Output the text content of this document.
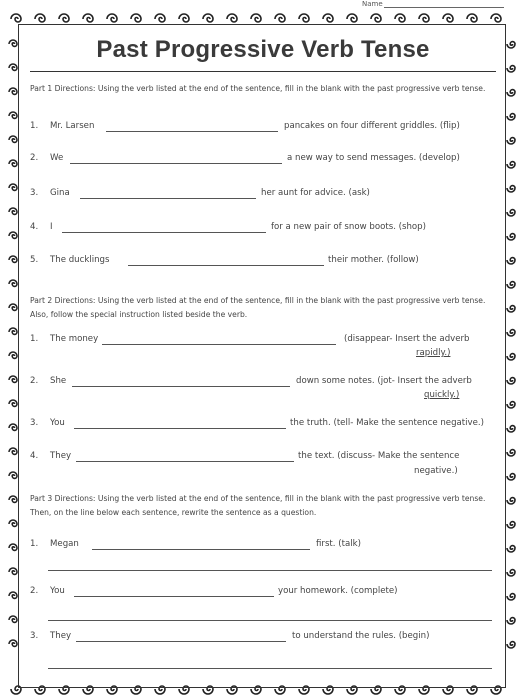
Name
Past Progressive Verb Tense
Part 1 Directions: Using the verb listed at the end of the sentence, fill in the blank with the past progressive verb tense.
1. Mr. Larsen	pancakes on four different griddles. (flip)
2. We	a new way to send messages. (develop)
3. Gina	her aunt for advice. (ask)
4. I	for a new pair of snow boots. (shop)
5. The ducklings	their mother. (follow)
Part 2 Directions: Using the verb listed at the end of the sentence, fill in the blank with the past progressive verb tense. Also, follow the special instruction listed beside the verb.
1. The money	(disappear- Insert the adverb
rapidly.)
2. She	down some notes. (jot- Insert the adverb
quickly.)
3. You	the truth. (tell- Make the sentence negative.)
4. They	the text. (discuss- Make the sentence
negative.)
Part 3 Directions: Using the verb listed at the end of the sentence, fill in the blank with the past progressive verb tense. Then, on the line below each sentence, rewrite the sentence as a question.
1. Megan	first. (talk)
2. You	your homework. (complete)
3. They	to understand the rules. (begin)
